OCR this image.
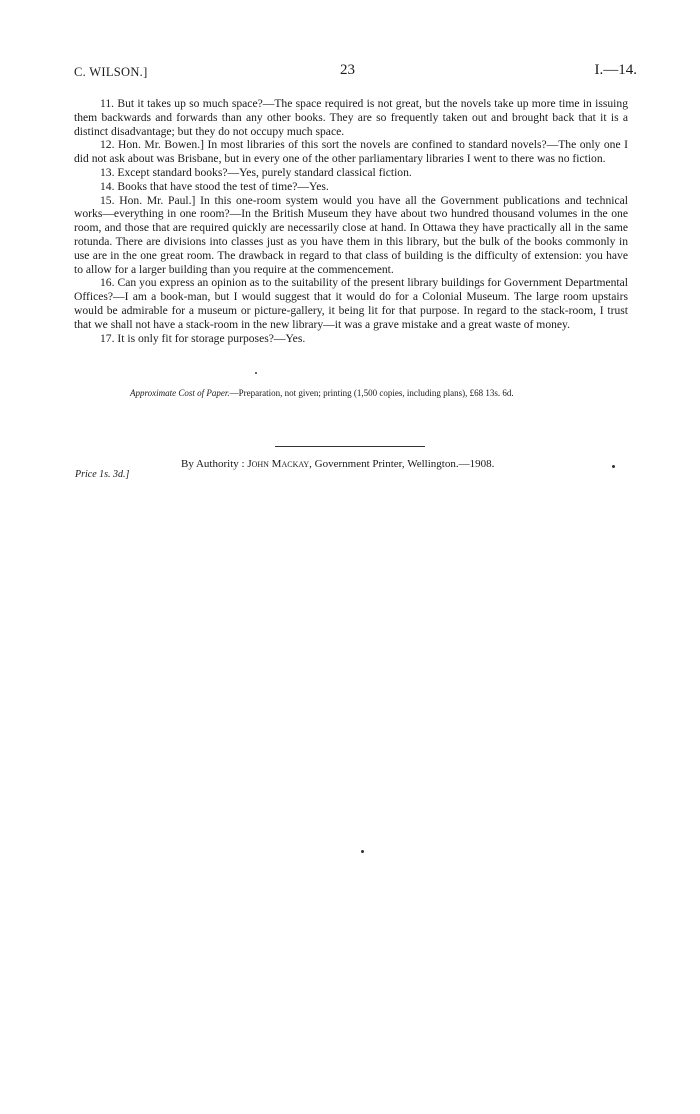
C. WILSON.]	23	I.—14.

11. But it takes up so much space?—The space required is not great, but the novels take up more time in issuing them backwards and forwards than any other books. They are so frequently taken out and brought back that it is a distinct disadvantage; but they do not occupy much space.

12. Hon. Mr. Bowen.] In most libraries of this sort the novels are confined to standard novels?—The only one I did not ask about was Brisbane, but in every one of the other parliamentary libraries I went to there was no fiction.

13. Except standard books?—Yes, purely standard classical fiction.

14. Books that have stood the test of time?—Yes.

15. Hon. Mr. Paul.] In this one-room system would you have all the Government publications and technical works—everything in one room?—In the British Museum they have about two hundred thousand volumes in the one room, and those that are required quickly are necessarily close at hand. In Ottawa they have practically all in the same rotunda. There are divisions into classes just as you have them in this library, but the bulk of the books commonly in use are in the one great room. The drawback in regard to that class of building is the difficulty of extension: you have to allow for a larger building than you require at the commencement.

16. Can you express an opinion as to the suitability of the present library buildings for Government Departmental Offices?—I am a book-man, but I would suggest that it would do for a Colonial Museum. The large room upstairs would be admirable for a museum or picture-gallery, it being lit for that purpose. In regard to the stack-room, I trust that we shall not have a stack-room in the new library—it was a grave mistake and a great waste of money.

17. It is only fit for storage purposes?—Yes.

Approximate Cost of Paper.—Preparation, not given; printing (1,500 copies, including plans), £68 13s. 6d.
By Authority : John Mackay, Government Printer, Wellington.—1908.
Price 1s. 3d.]
